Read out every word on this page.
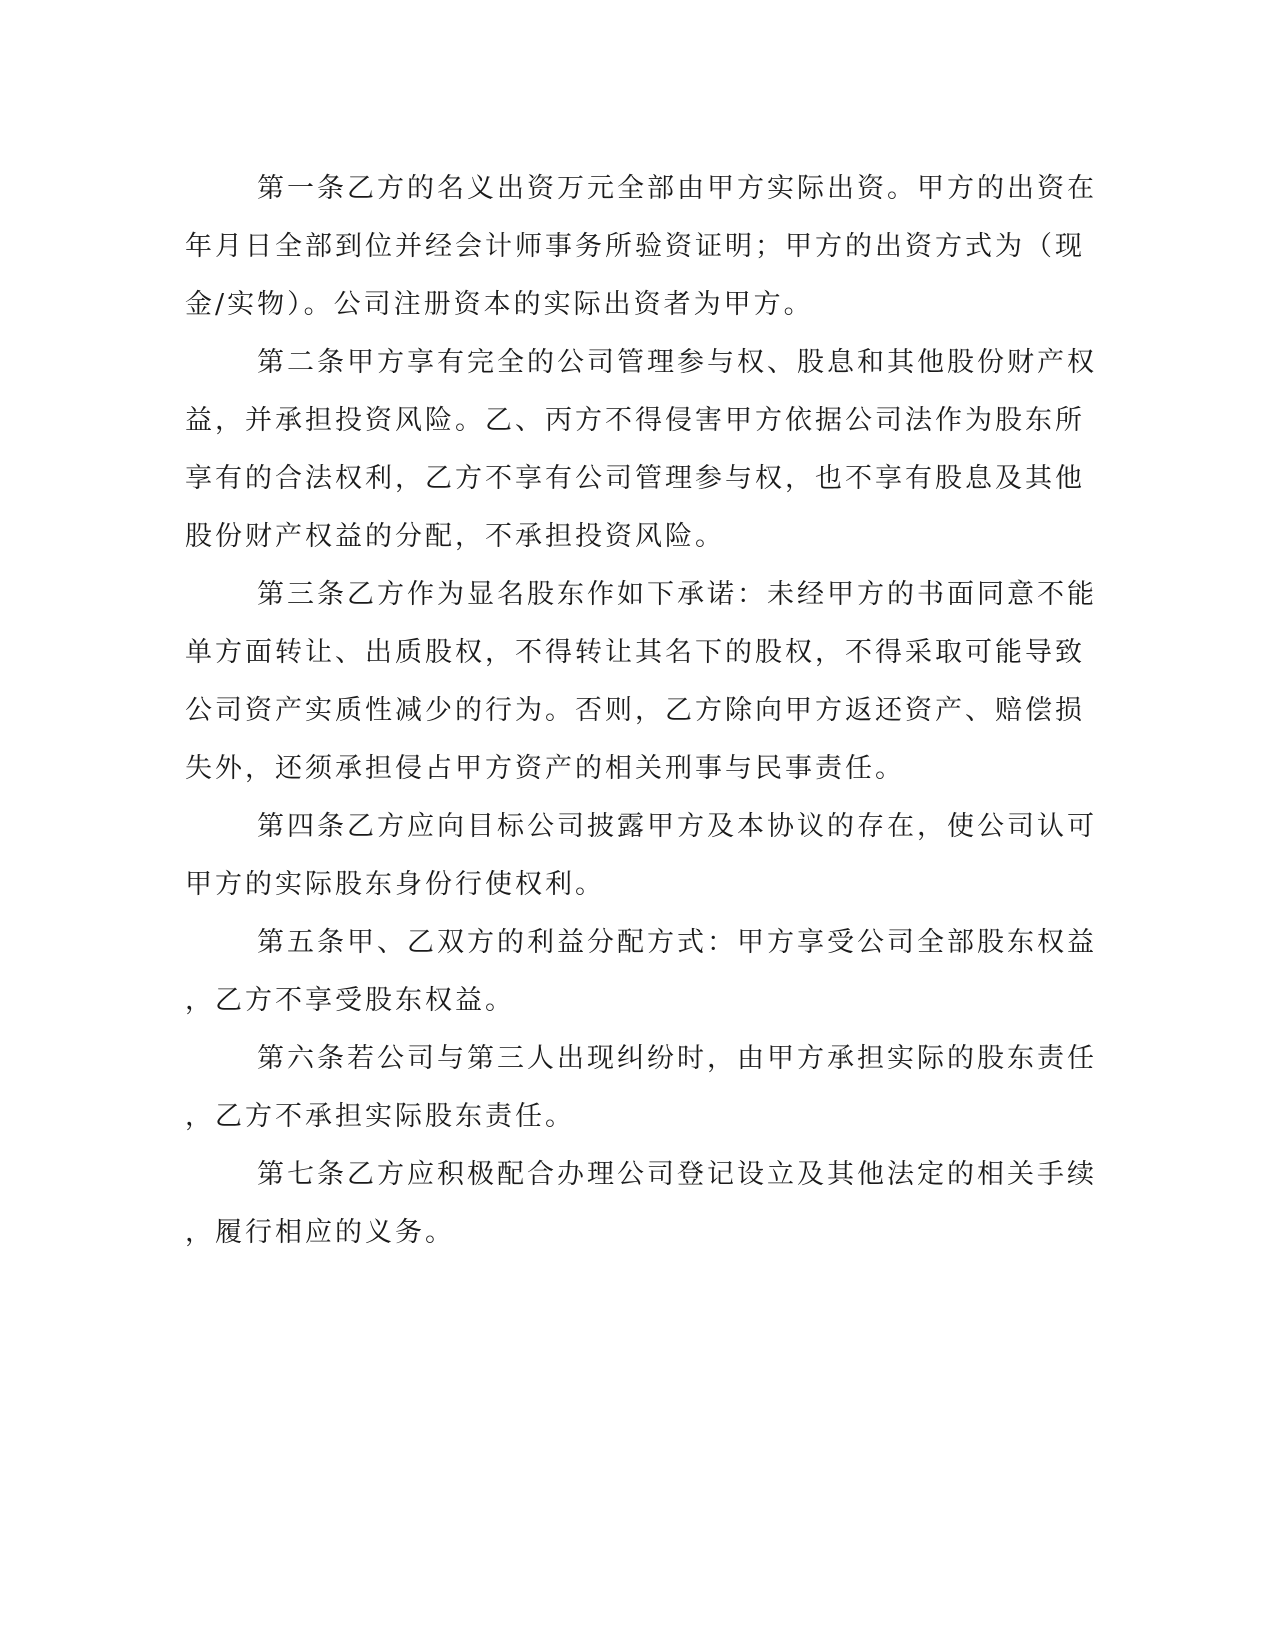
第一条乙方的名义出资万元全部由甲方实际出资。甲方的出资在
年月日全部到位并经会计师事务所验资证明；甲方的出资方式为（现
金/实物）。公司注册资本的实际出资者为甲方。

第二条甲方享有完全的公司管理参与权、股息和其他股份财产权
益，并承担投资风险。乙、丙方不得侵害甲方依据公司法作为股东所
享有的合法权利，乙方不享有公司管理参与权，也不享有股息及其他
股份财产权益的分配，不承担投资风险。

第三条乙方作为显名股东作如下承诺：未经甲方的书面同意不能
单方面转让、出质股权，不得转让其名下的股权，不得采取可能导致
公司资产实质性减少的行为。否则，乙方除向甲方返还资产、赔偿损
失外，还须承担侵占甲方资产的相关刑事与民事责任。

第四条乙方应向目标公司披露甲方及本协议的存在，使公司认可
甲方的实际股东身份行使权利。

第五条甲、乙双方的利益分配方式：甲方享受公司全部股东权益
，乙方不享受股东权益。

第六条若公司与第三人出现纠纷时，由甲方承担实际的股东责任
，乙方不承担实际股东责任。

第七条乙方应积极配合办理公司登记设立及其他法定的相关手续
，履行相应的义务。
